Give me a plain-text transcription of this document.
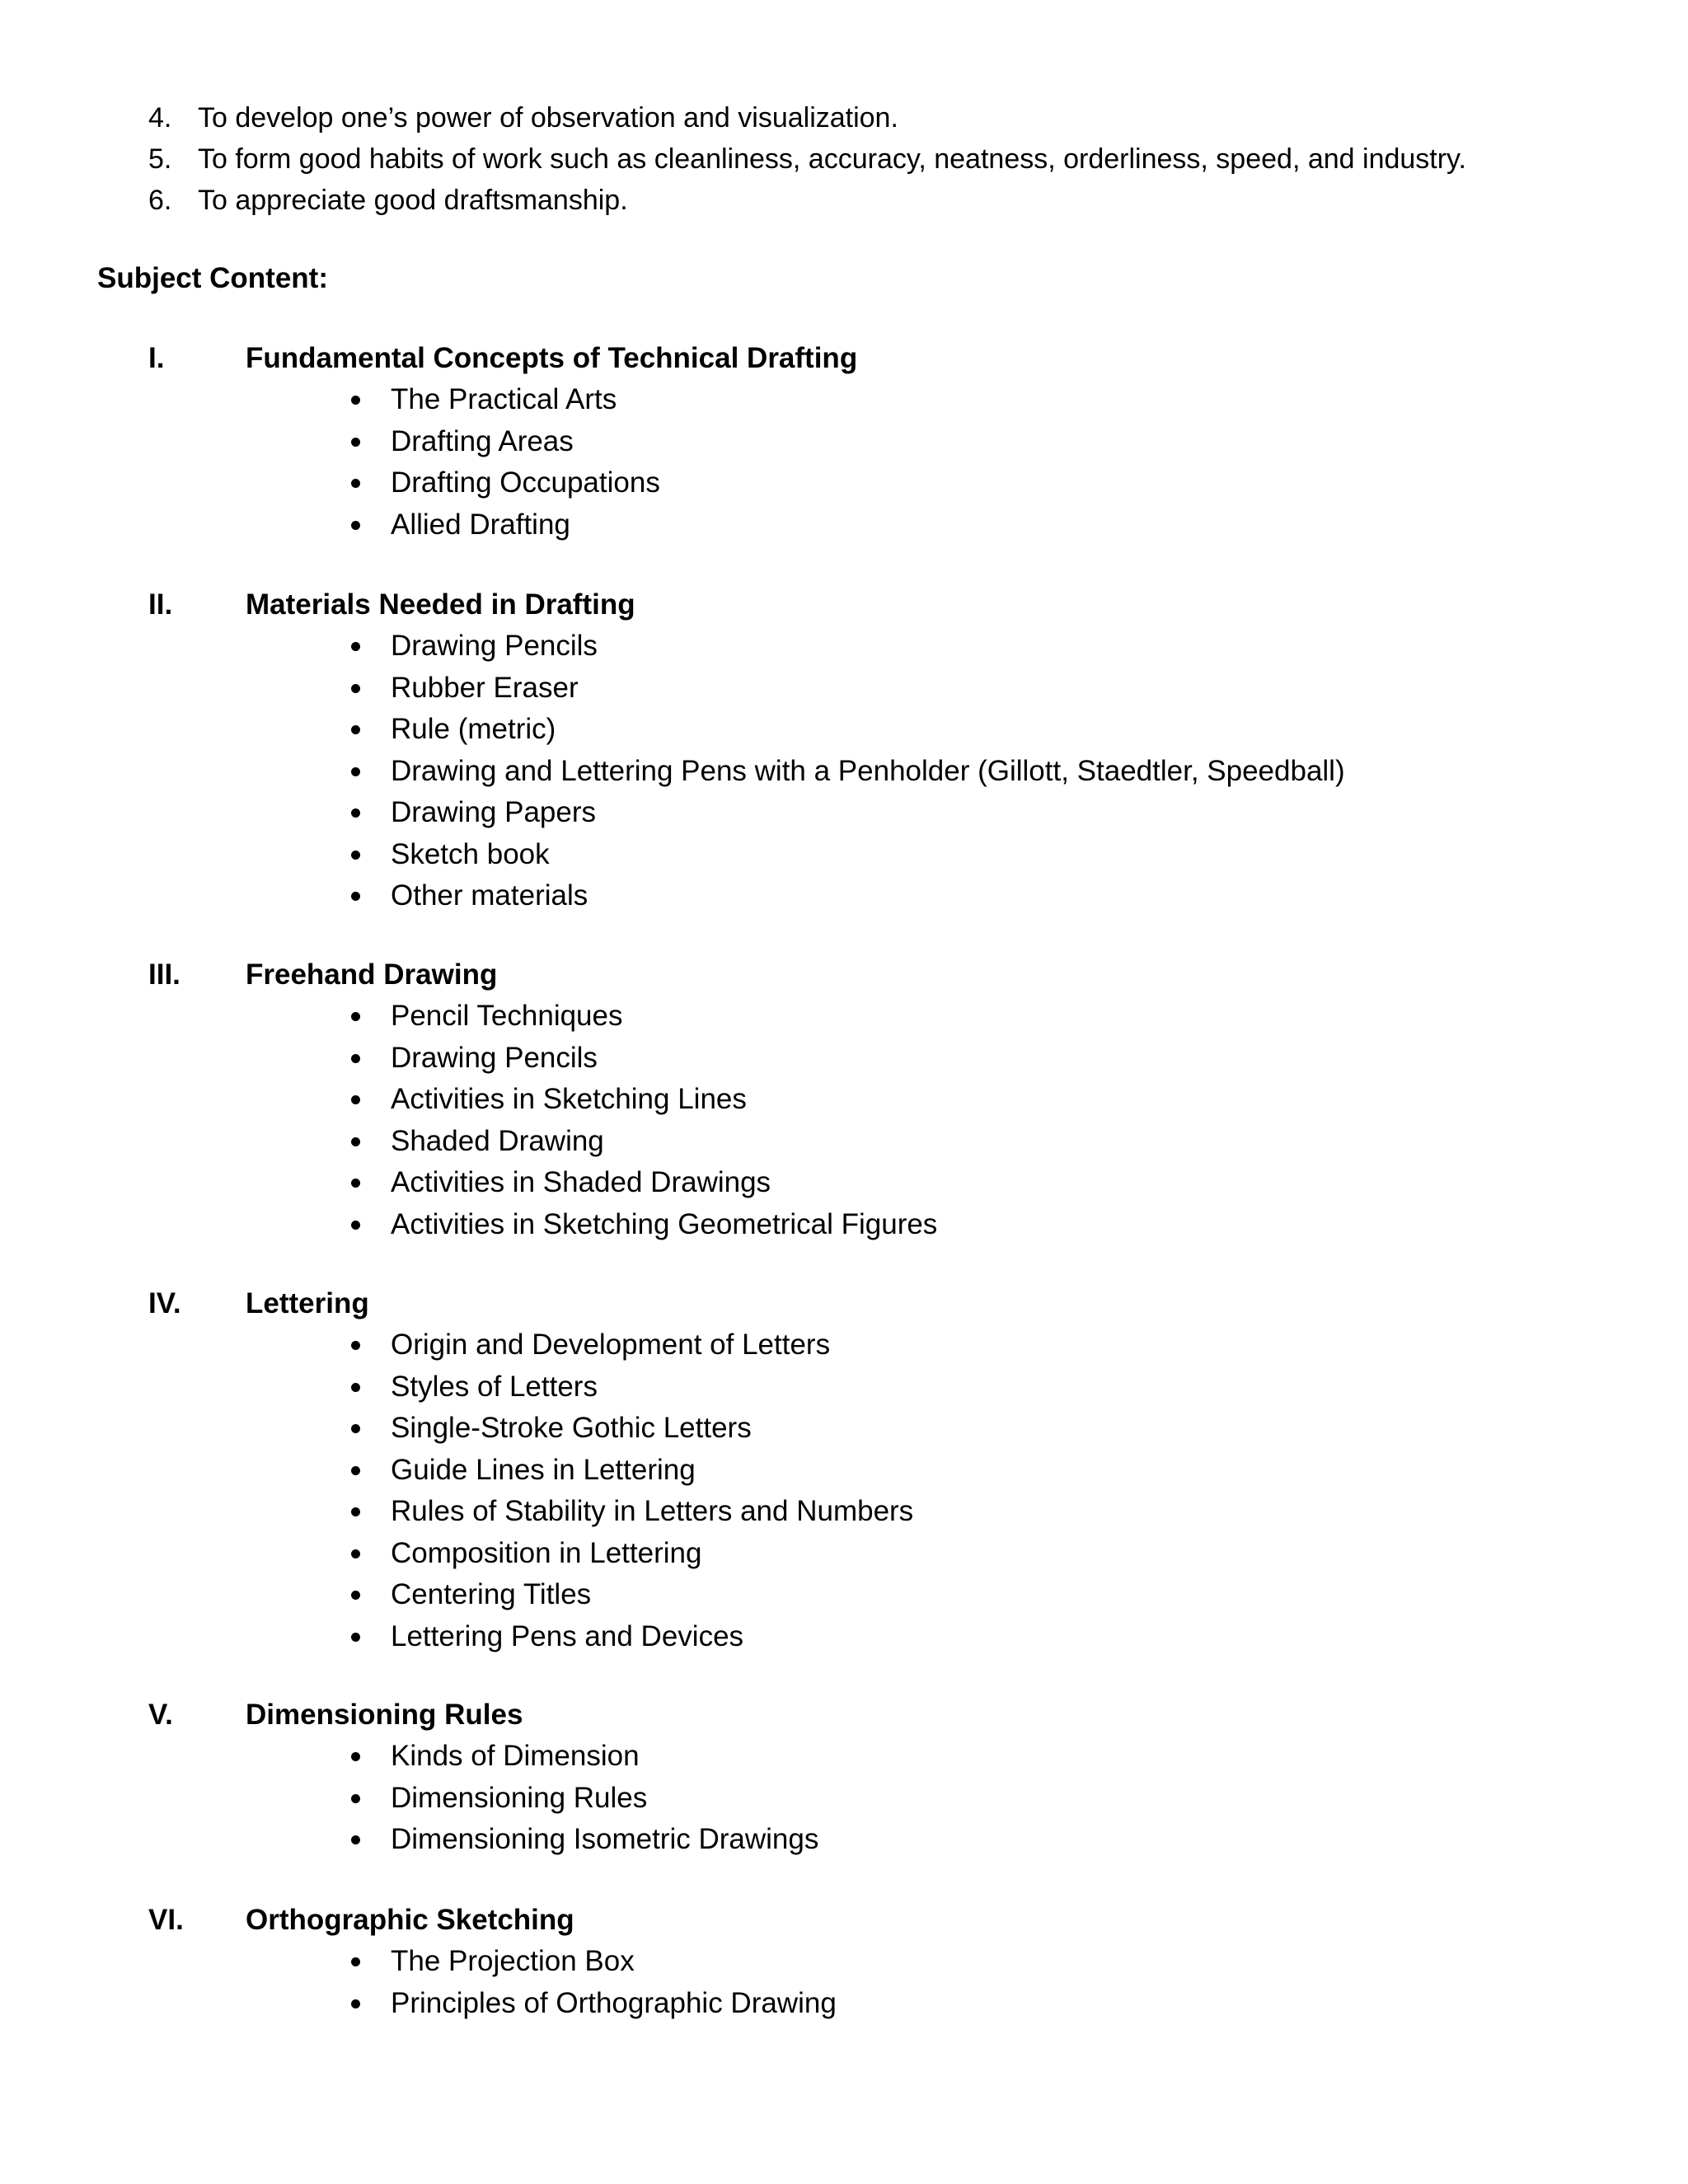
4. To develop one’s power of observation and visualization.
5. To form good habits of work such as cleanliness, accuracy, neatness, orderliness, speed, and industry.
6. To appreciate good draftsmanship.
Subject Content:
I.	Fundamental Concepts of Technical Drafting
The Practical Arts
Drafting Areas
Drafting Occupations
Allied Drafting
II.	Materials Needed in Drafting
Drawing Pencils
Rubber Eraser
Rule (metric)
Drawing and Lettering Pens with a Penholder (Gillott, Staedtler, Speedball)
Drawing Papers
Sketch book
Other materials
III. Freehand Drawing
Pencil Techniques
Drawing Pencils
Activities in Sketching Lines
Shaded Drawing
Activities in Shaded Drawings
Activities in Sketching Geometrical Figures
IV. Lettering
Origin and Development of Letters
Styles of Letters
Single-Stroke Gothic Letters
Guide Lines in Lettering
Rules of Stability in Letters and Numbers
Composition in Lettering
Centering Titles
Lettering Pens and Devices
V.	Dimensioning Rules
Kinds of Dimension
Dimensioning Rules
Dimensioning Isometric Drawings
VI. Orthographic Sketching
The Projection Box
Principles of Orthographic Drawing
